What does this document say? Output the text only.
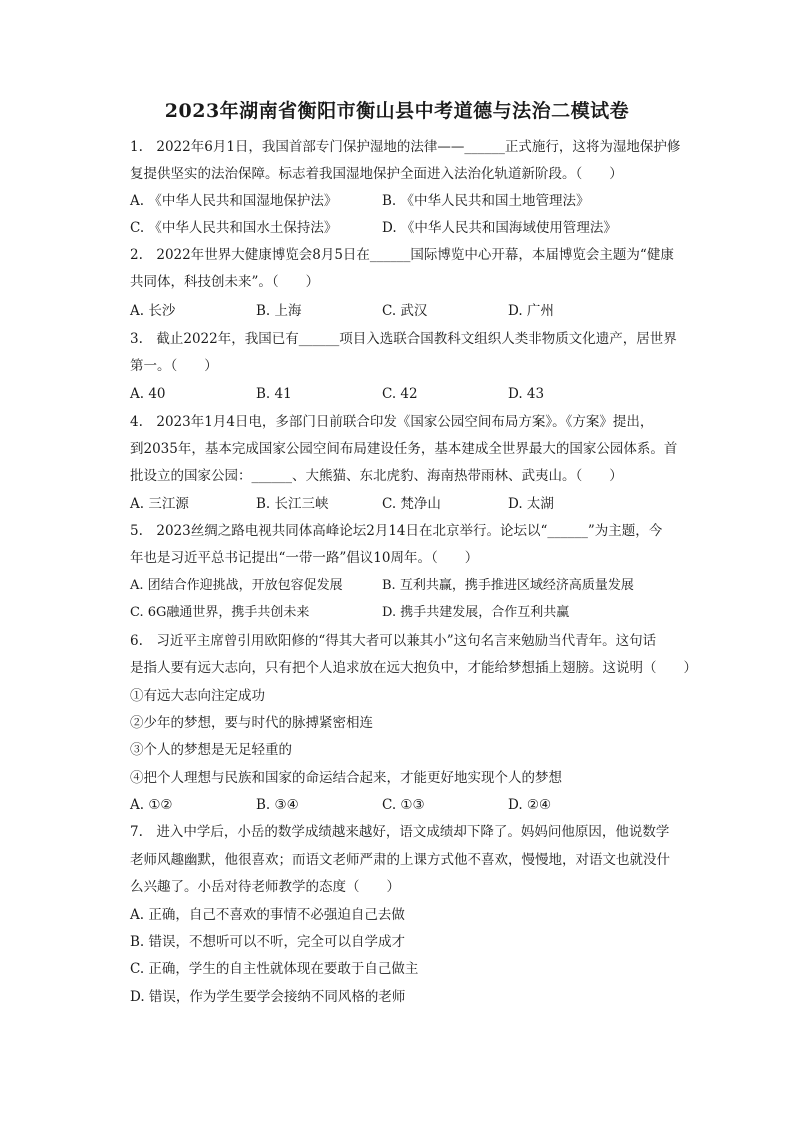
2023年湖南省衡阳市衡山县中考道德与法治二模试卷
1.　2022年6月1日，我国首部专门保护湿地的法律——______正式施行，这将为湿地保护修
复提供坚实的法治保障。标志着我国湿地保护全面进入法治化轨道新阶段。（　　）
A. 《中华人民共和国湿地保护法》	B. 《中华人民共和国土地管理法》
C. 《中华人民共和国水土保持法》	D. 《中华人民共和国海域使用管理法》
2.　2022年世界大健康博览会8月5日在______国际博览中心开幕，本届博览会主题为“健康
共同体，科技创未来”。（　　）
A. 长沙	B. 上海	C. 武汉	D. 广州
3.　截止2022年，我国已有______项目入选联合国教科文组织人类非物质文化遗产，居世界
第一。（　　）
A. 40	B. 41	C. 42	D. 43
4.　2023年1月4日电，多部门日前联合印发《国家公园空间布局方案》。《方案》提出，
到2035年，基本完成国家公园空间布局建设任务，基本建成全世界最大的国家公园体系。首
批设立的国家公园：______、大熊猫、东北虎豹、海南热带雨林、武夷山。（　　）
A. 三江源	B. 长江三峡	C. 梵净山	D. 太湖
5.　2023丝绸之路电视共同体高峰论坛2月14日在北京举行。论坛以“______”为主题，今
年也是习近平总书记提出“一带一路”倡议10周年。（　　）
A. 团结合作迎挑战，开放包容促发展	B. 互利共赢，携手推进区域经济高质量发展
C. 6G融通世界，携手共创未来	D. 携手共建发展，合作互利共赢
6.　习近平主席曾引用欧阳修的“得其大者可以兼其小”这句名言来勉励当代青年。这句话
是指人要有远大志向，只有把个人追求放在远大抱负中，才能给梦想插上翅膀。这说明（　　）
①有远大志向注定成功
②少年的梦想，要与时代的脉搏紧密相连
③个人的梦想是无足轻重的
④把个人理想与民族和国家的命运结合起来，才能更好地实现个人的梦想
A. ①②	B. ③④	C. ①③	D. ②④
7.　进入中学后，小岳的数学成绩越来越好，语文成绩却下降了。妈妈问他原因，他说数学
老师风趣幽默，他很喜欢；而语文老师严肃的上课方式他不喜欢，慢慢地，对语文也就没什
么兴趣了。小岳对待老师教学的态度（　　）
A. 正确，自己不喜欢的事情不必强迫自己去做
B. 错误，不想听可以不听，完全可以自学成才
C. 正确，学生的自主性就体现在要敢于自己做主
D. 错误，作为学生要学会接纳不同风格的老师
